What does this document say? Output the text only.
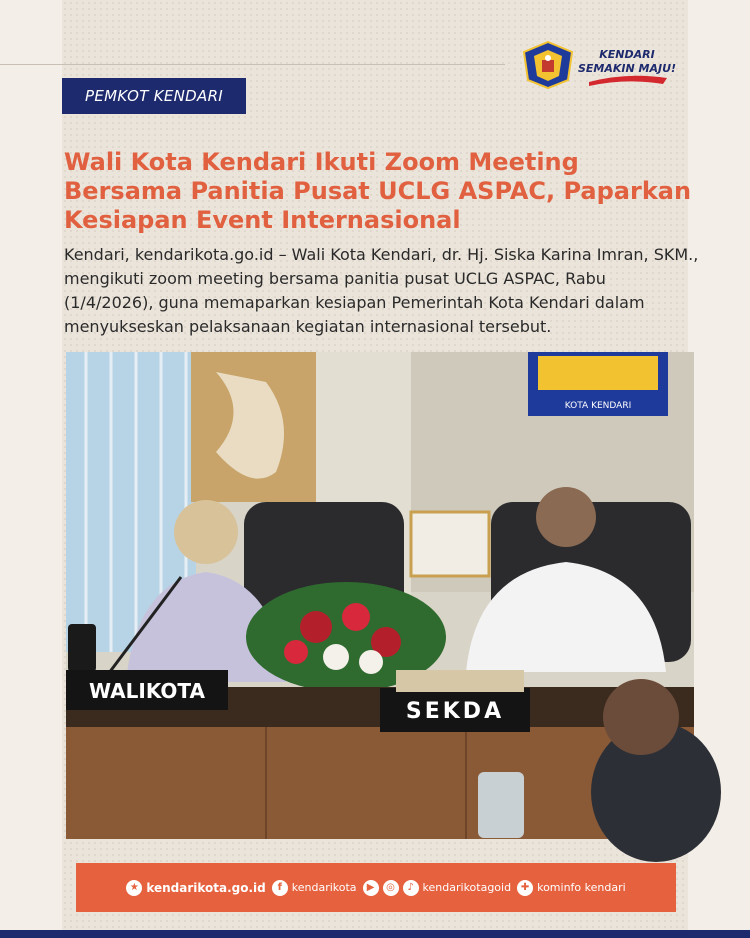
PEMKOT KENDARI
KENDARI
SEMAKIN MAJU!
Wali Kota Kendari Ikuti Zoom Meeting Bersama Panitia Pusat UCLG ASPAC, Paparkan Kesiapan Event Internasional

Kendari, kendarikota.go.id – Wali Kota Kendari, dr. Hj. Siska Karina Imran, SKM., mengikuti zoom meeting bersama panitia pusat UCLG ASPAC, Rabu (1/4/2026), guna memaparkan kesiapan Pemerintah Kota Kendari dalam menyukseskan pelaksanaan kegiatan internasional tersebut.

KOTA KENDARI
WALIKOTA
SEKDA
★ kendarikota.go.id	f kendarikota	▶	◎	♪ kendarikotagoid ✚ kominfo kendari
